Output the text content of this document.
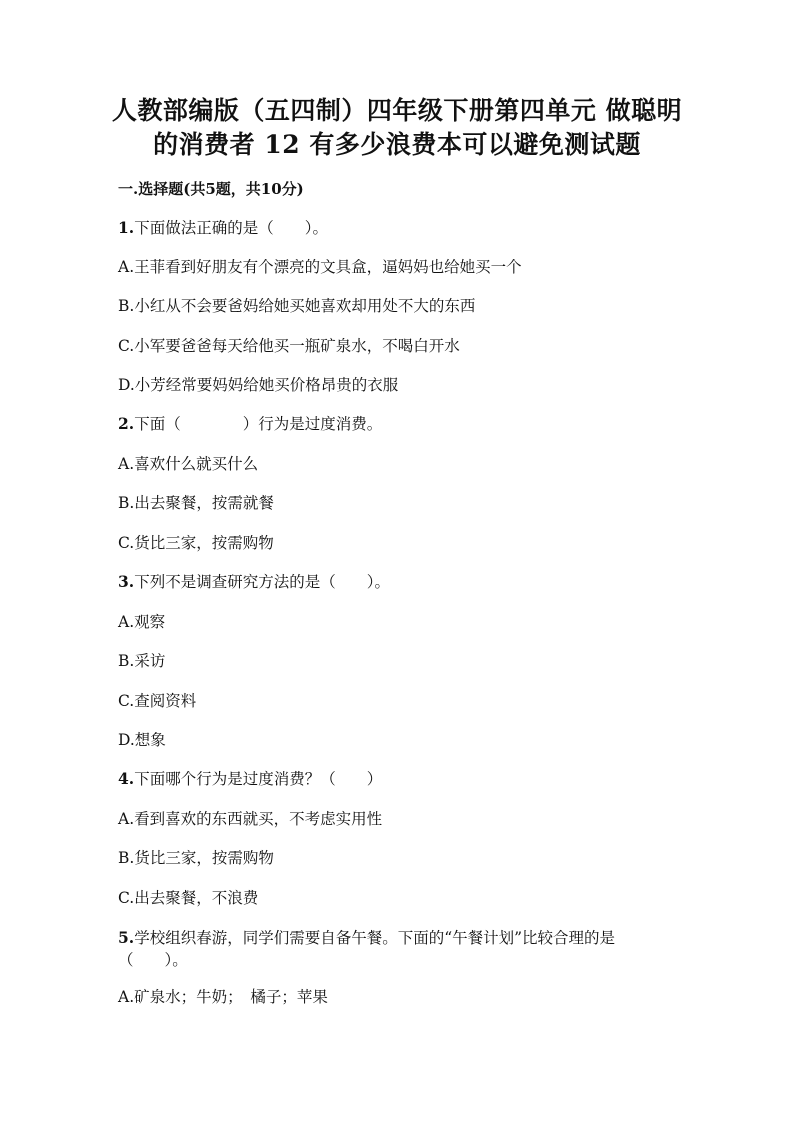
人教部编版（五四制）四年级下册第四单元 做聪明
的消费者 12 有多少浪费本可以避免测试题
一.选择题(共5题，共10分)
1.下面做法正确的是（　　）。
A.王菲看到好朋友有个漂亮的文具盒，逼妈妈也给她买一个
B.小红从不会要爸妈给她买她喜欢却用处不大的东西
C.小军要爸爸每天给他买一瓶矿泉水，不喝白开水
D.小芳经常要妈妈给她买价格昂贵的衣服
2.下面（　　　　）行为是过度消费。
A.喜欢什么就买什么
B.出去聚餐，按需就餐
C.货比三家，按需购物
3.下列不是调查研究方法的是（　　）。
A.观察
B.采访
C.查阅资料
D.想象
4.下面哪个行为是过度消费？（　　）
A.看到喜欢的东西就买，不考虑实用性
B.货比三家，按需购物
C.出去聚餐，不浪费
5.学校组织春游，同学们需要自备午餐。下面的“午餐计划”比较合理的是（　　）。
A.矿泉水；牛奶；　橘子；苹果
